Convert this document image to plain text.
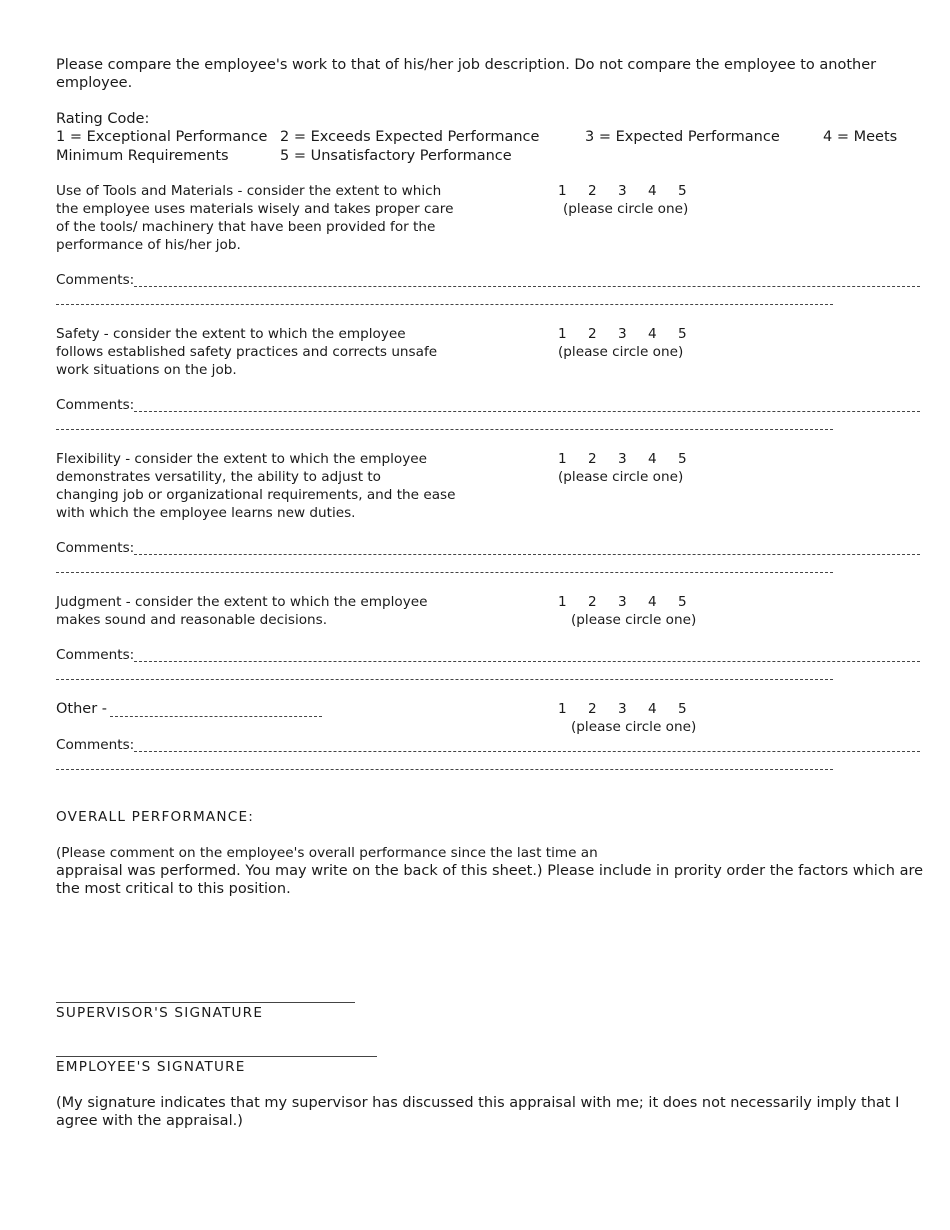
Please compare the employee's work to that of his/her job description. Do not compare the employee to another
employee.
Rating Code:
1 = Exceptional Performance 2 = Exceeds Expected Performance	3 = Expected Performance	4 = Meets
Minimum Requirements	5 = Unsatisfactory Performance
Use of Tools and Materials - consider the extent to which
the employee uses materials wisely and takes proper care
of the tools/ machinery that have been provided for the
performance of his/her job.
1 2 3 4 5
(please circle one)
Comments:
Safety - consider the extent to which the employee
follows established safety practices and corrects unsafe
work situations on the job.
1 2 3 4 5
(please circle one)
Comments:
Flexibility - consider the extent to which the employee
demonstrates versatility, the ability to adjust to
changing job or organizational requirements, and the ease
with which the employee learns new duties.
1 2 3 4 5
(please circle one)
Comments:
Judgment - consider the extent to which the employee
makes sound and reasonable decisions.
1 2 3 4 5
(please circle one)
Comments:
Other -	1 2 3 4 5
(please circle one)
Comments:
OVERALL PERFORMANCE:
(Please comment on the employee's overall performance since the last time an
appraisal was performed. You may write on the back of this sheet.) Please include in prority order the factors which are
the most critical to this position.
SUPERVISOR'S SIGNATURE
EMPLOYEE'S SIGNATURE
(My signature indicates that my supervisor has discussed this appraisal with me; it does not necessarily imply that I
agree with the appraisal.)
